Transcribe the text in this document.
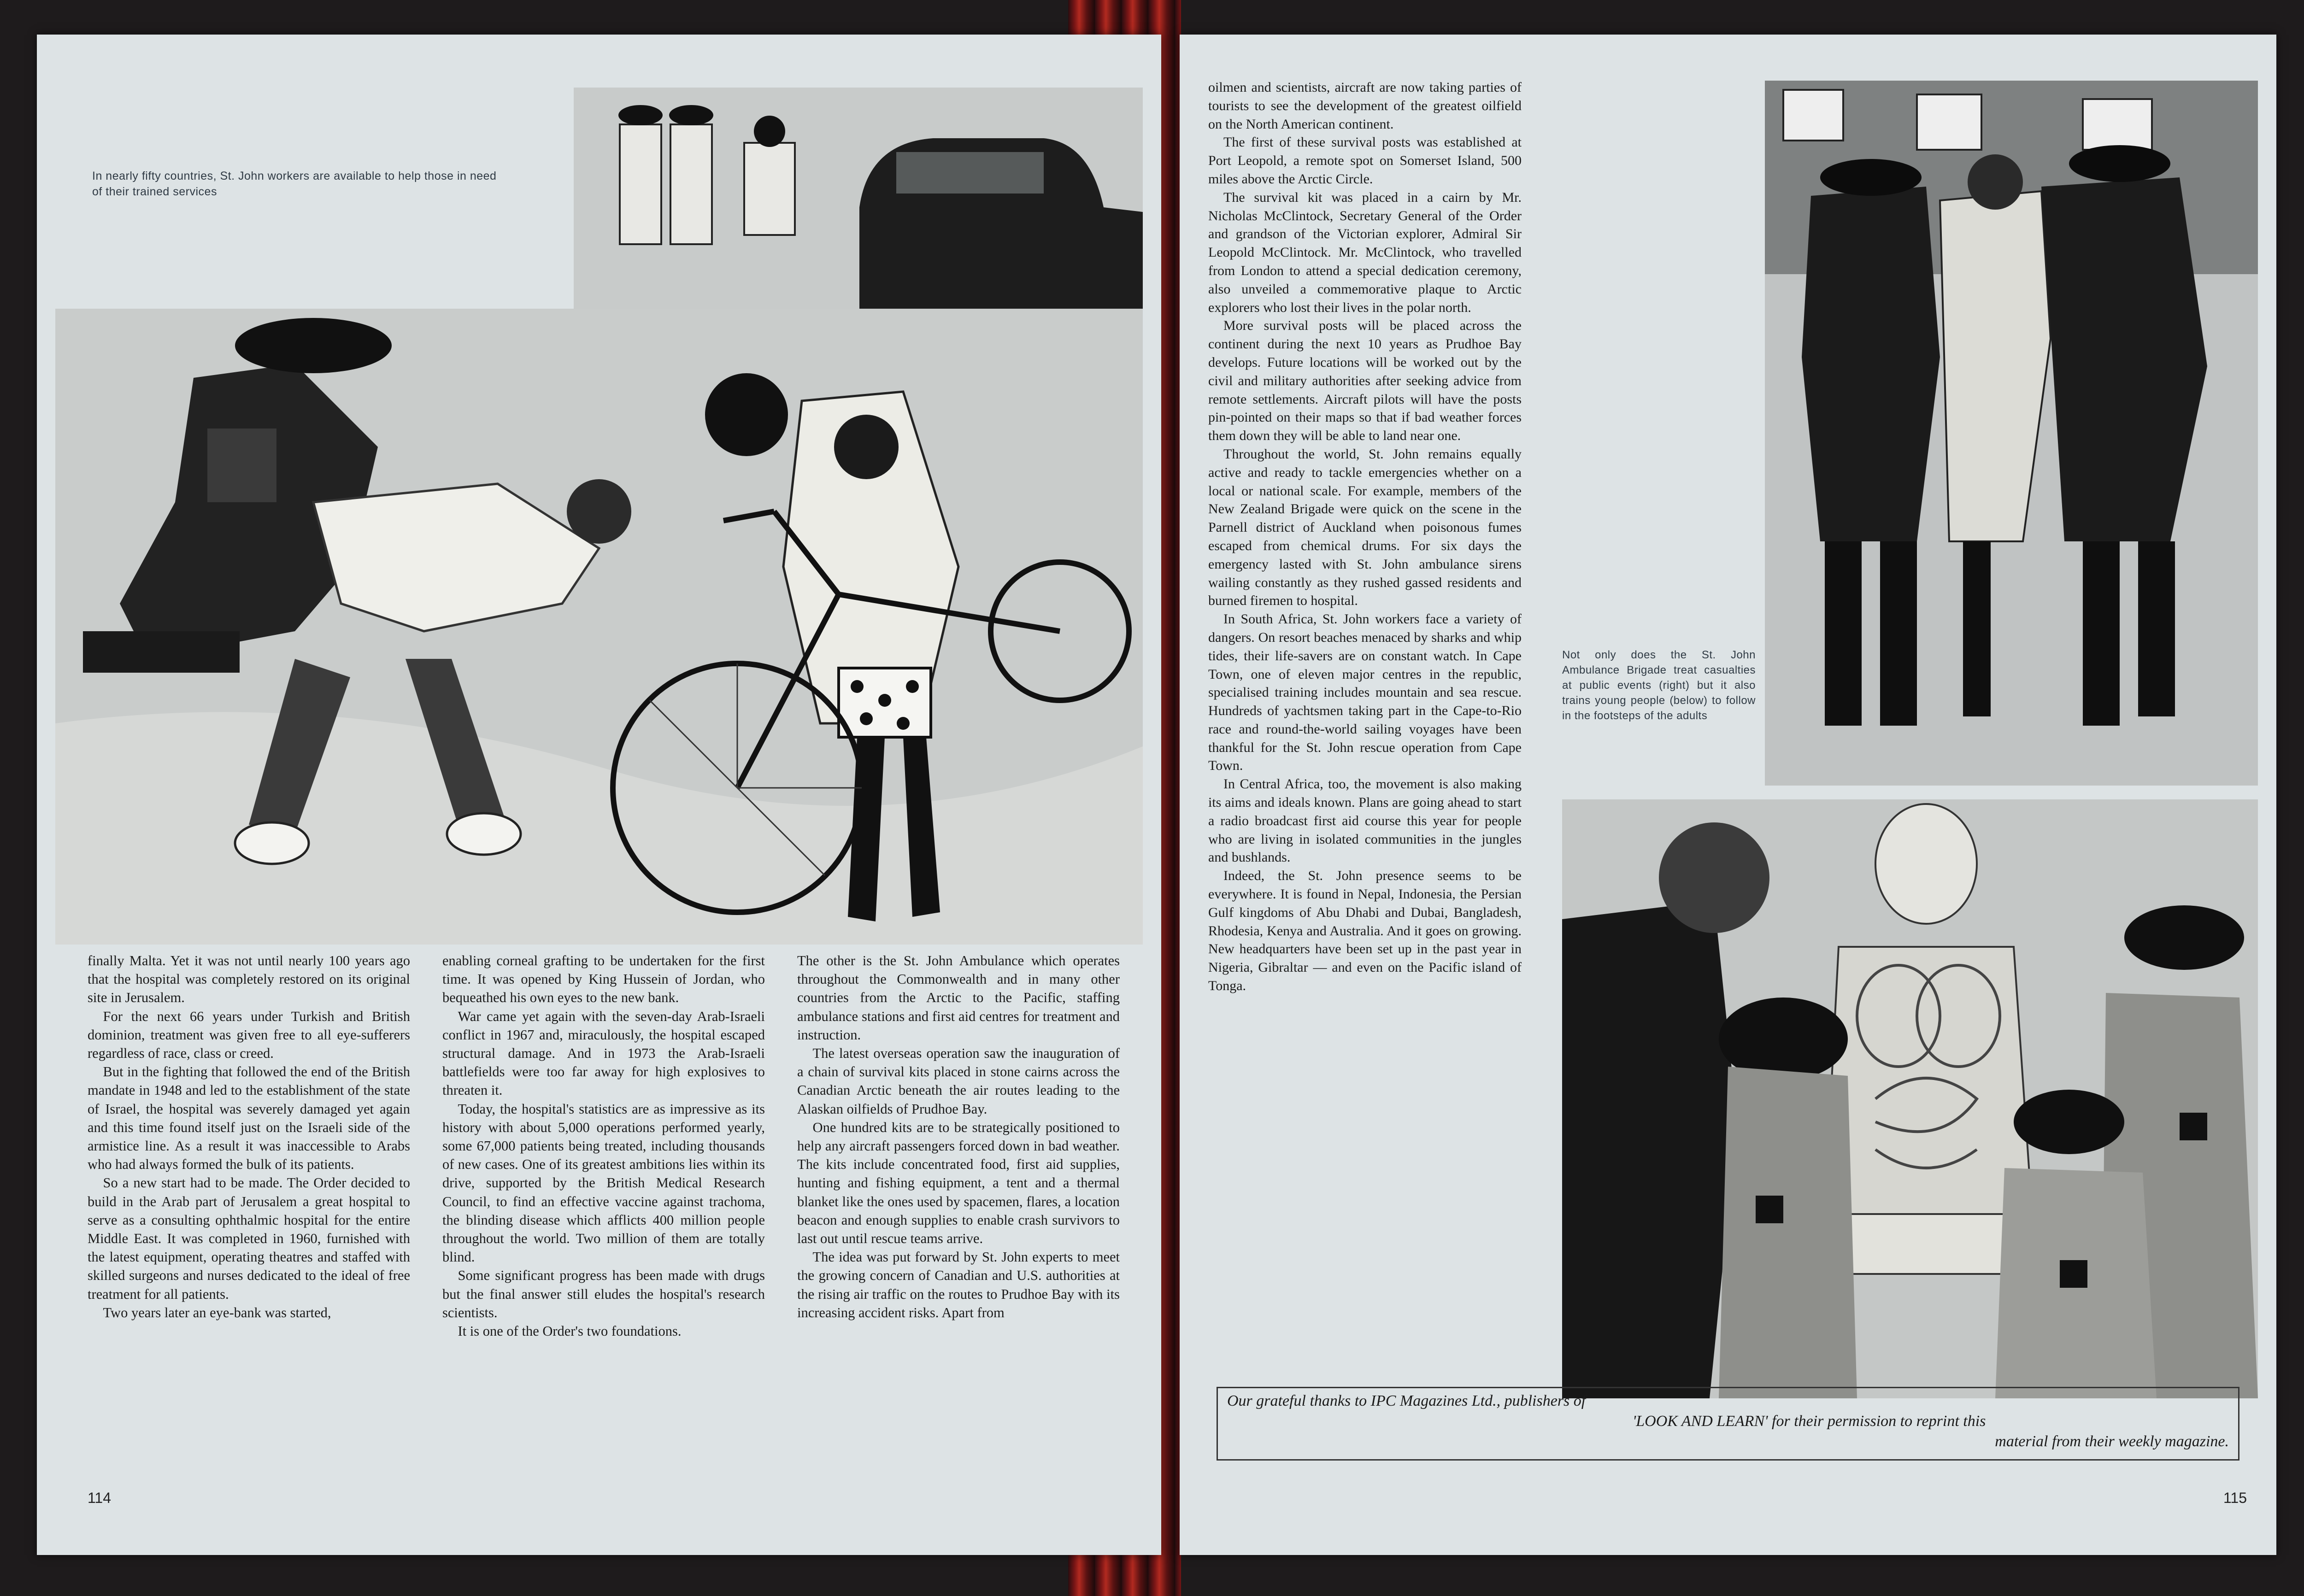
In nearly fifty countries, St. John workers are available to help those in need of their trained services

finally Malta. Yet it was not until nearly 100 years ago that the hospital was completely restored on its original site in Jerusalem.

For the next 66 years under Turkish and British dominion, treatment was given free to all eye-sufferers regardless of race, class or creed.

But in the fighting that followed the end of the British mandate in 1948 and led to the establishment of the state of Israel, the hospital was severely damaged yet again and this time found itself just on the Israeli side of the armistice line. As a result it was inaccessible to Arabs who had always formed the bulk of its patients.

So a new start had to be made. The Order decided to build in the Arab part of Jerusalem a great hospital to serve as a consulting ophthalmic hospital for the entire Middle East. It was completed in 1960, furnished with the latest equipment, operating theatres and staffed with skilled surgeons and nurses dedicated to the ideal of free treatment for all patients.

Two years later an eye-bank was started,

enabling corneal grafting to be undertaken for the first time. It was opened by King Hussein of Jordan, who bequeathed his own eyes to the new bank.

War came yet again with the seven-day Arab-Israeli conflict in 1967 and, miraculously, the hospital escaped structural damage. And in 1973 the Arab-Israeli battlefields were too far away for high explosives to threaten it.

Today, the hospital's statistics are as impressive as its history with about 5,000 operations performed yearly, some 67,000 patients being treated, including thousands of new cases. One of its greatest ambitions lies within its drive, supported by the British Medical Research Council, to find an effective vaccine against trachoma, the blinding disease which afflicts 400 million people throughout the world. Two million of them are totally blind.

Some significant progress has been made with drugs but the final answer still eludes the hospital's research scientists.

It is one of the Order's two foundations.

The other is the St. John Ambulance which operates throughout the Commonwealth and in many other countries from the Arctic to the Pacific, staffing ambulance stations and first aid centres for treatment and instruction.

The latest overseas operation saw the inauguration of a chain of survival kits placed in stone cairns across the Canadian Arctic beneath the air routes leading to the Alaskan oilfields of Prudhoe Bay.

One hundred kits are to be strategically positioned to help any aircraft passengers forced down in bad weather. The kits include concentrated food, first aid supplies, hunting and fishing equipment, a tent and a thermal blanket like the ones used by spacemen, flares, a location beacon and enough supplies to enable crash survivors to last out until rescue teams arrive.

The idea was put forward by St. John experts to meet the growing concern of Canadian and U.S. authorities at the rising air traffic on the routes to Prudhoe Bay with its increasing accident risks. Apart from

114

oilmen and scientists, aircraft are now taking parties of tourists to see the development of the greatest oilfield on the North American continent.

The first of these survival posts was established at Port Leopold, a remote spot on Somerset Island, 500 miles above the Arctic Circle.

The survival kit was placed in a cairn by Mr. Nicholas McClintock, Secretary General of the Order and grandson of the Victorian explorer, Admiral Sir Leopold McClintock. Mr. McClintock, who travelled from London to attend a special dedication ceremony, also unveiled a commemorative plaque to Arctic explorers who lost their lives in the polar north.

More survival posts will be placed across the continent during the next 10 years as Prudhoe Bay develops. Future locations will be worked out by the civil and military authorities after seeking advice from remote settlements. Aircraft pilots will have the posts pin-pointed on their maps so that if bad weather forces them down they will be able to land near one.

Throughout the world, St. John remains equally active and ready to tackle emergencies whether on a local or national scale. For example, members of the New Zealand Brigade were quick on the scene in the Parnell district of Auckland when poisonous fumes escaped from chemical drums. For six days the emergency lasted with St. John ambulance sirens wailing constantly as they rushed gassed residents and burned firemen to hospital.

In South Africa, St. John workers face a variety of dangers. On resort beaches menaced by sharks and whip tides, their life-savers are on constant watch. In Cape Town, one of eleven major centres in the republic, specialised training includes mountain and sea rescue. Hundreds of yachtsmen taking part in the Cape-to-Rio race and round-the-world sailing voyages have been thankful for the St. John rescue operation from Cape Town.

In Central Africa, too, the movement is also making its aims and ideals known. Plans are going ahead to start a radio broadcast first aid course this year for people who are living in isolated communities in the jungles and bushlands.

Indeed, the St. John presence seems to be everywhere. It is found in Nepal, Indonesia, the Persian Gulf kingdoms of Abu Dhabi and Dubai, Bangladesh, Rhodesia, Kenya and Australia. And it goes on growing. New headquarters have been set up in the past year in Nigeria, Gibraltar — and even on the Pacific island of Tonga.

Not only does the St. John Ambulance Brigade treat casualties at public events (right) but it also trains young people (below) to follow in the footsteps of the adults
Our grateful thanks to IPC Magazines Ltd., publishers of
'LOOK AND LEARN' for their permission to reprint this
material from their weekly magazine.
115
